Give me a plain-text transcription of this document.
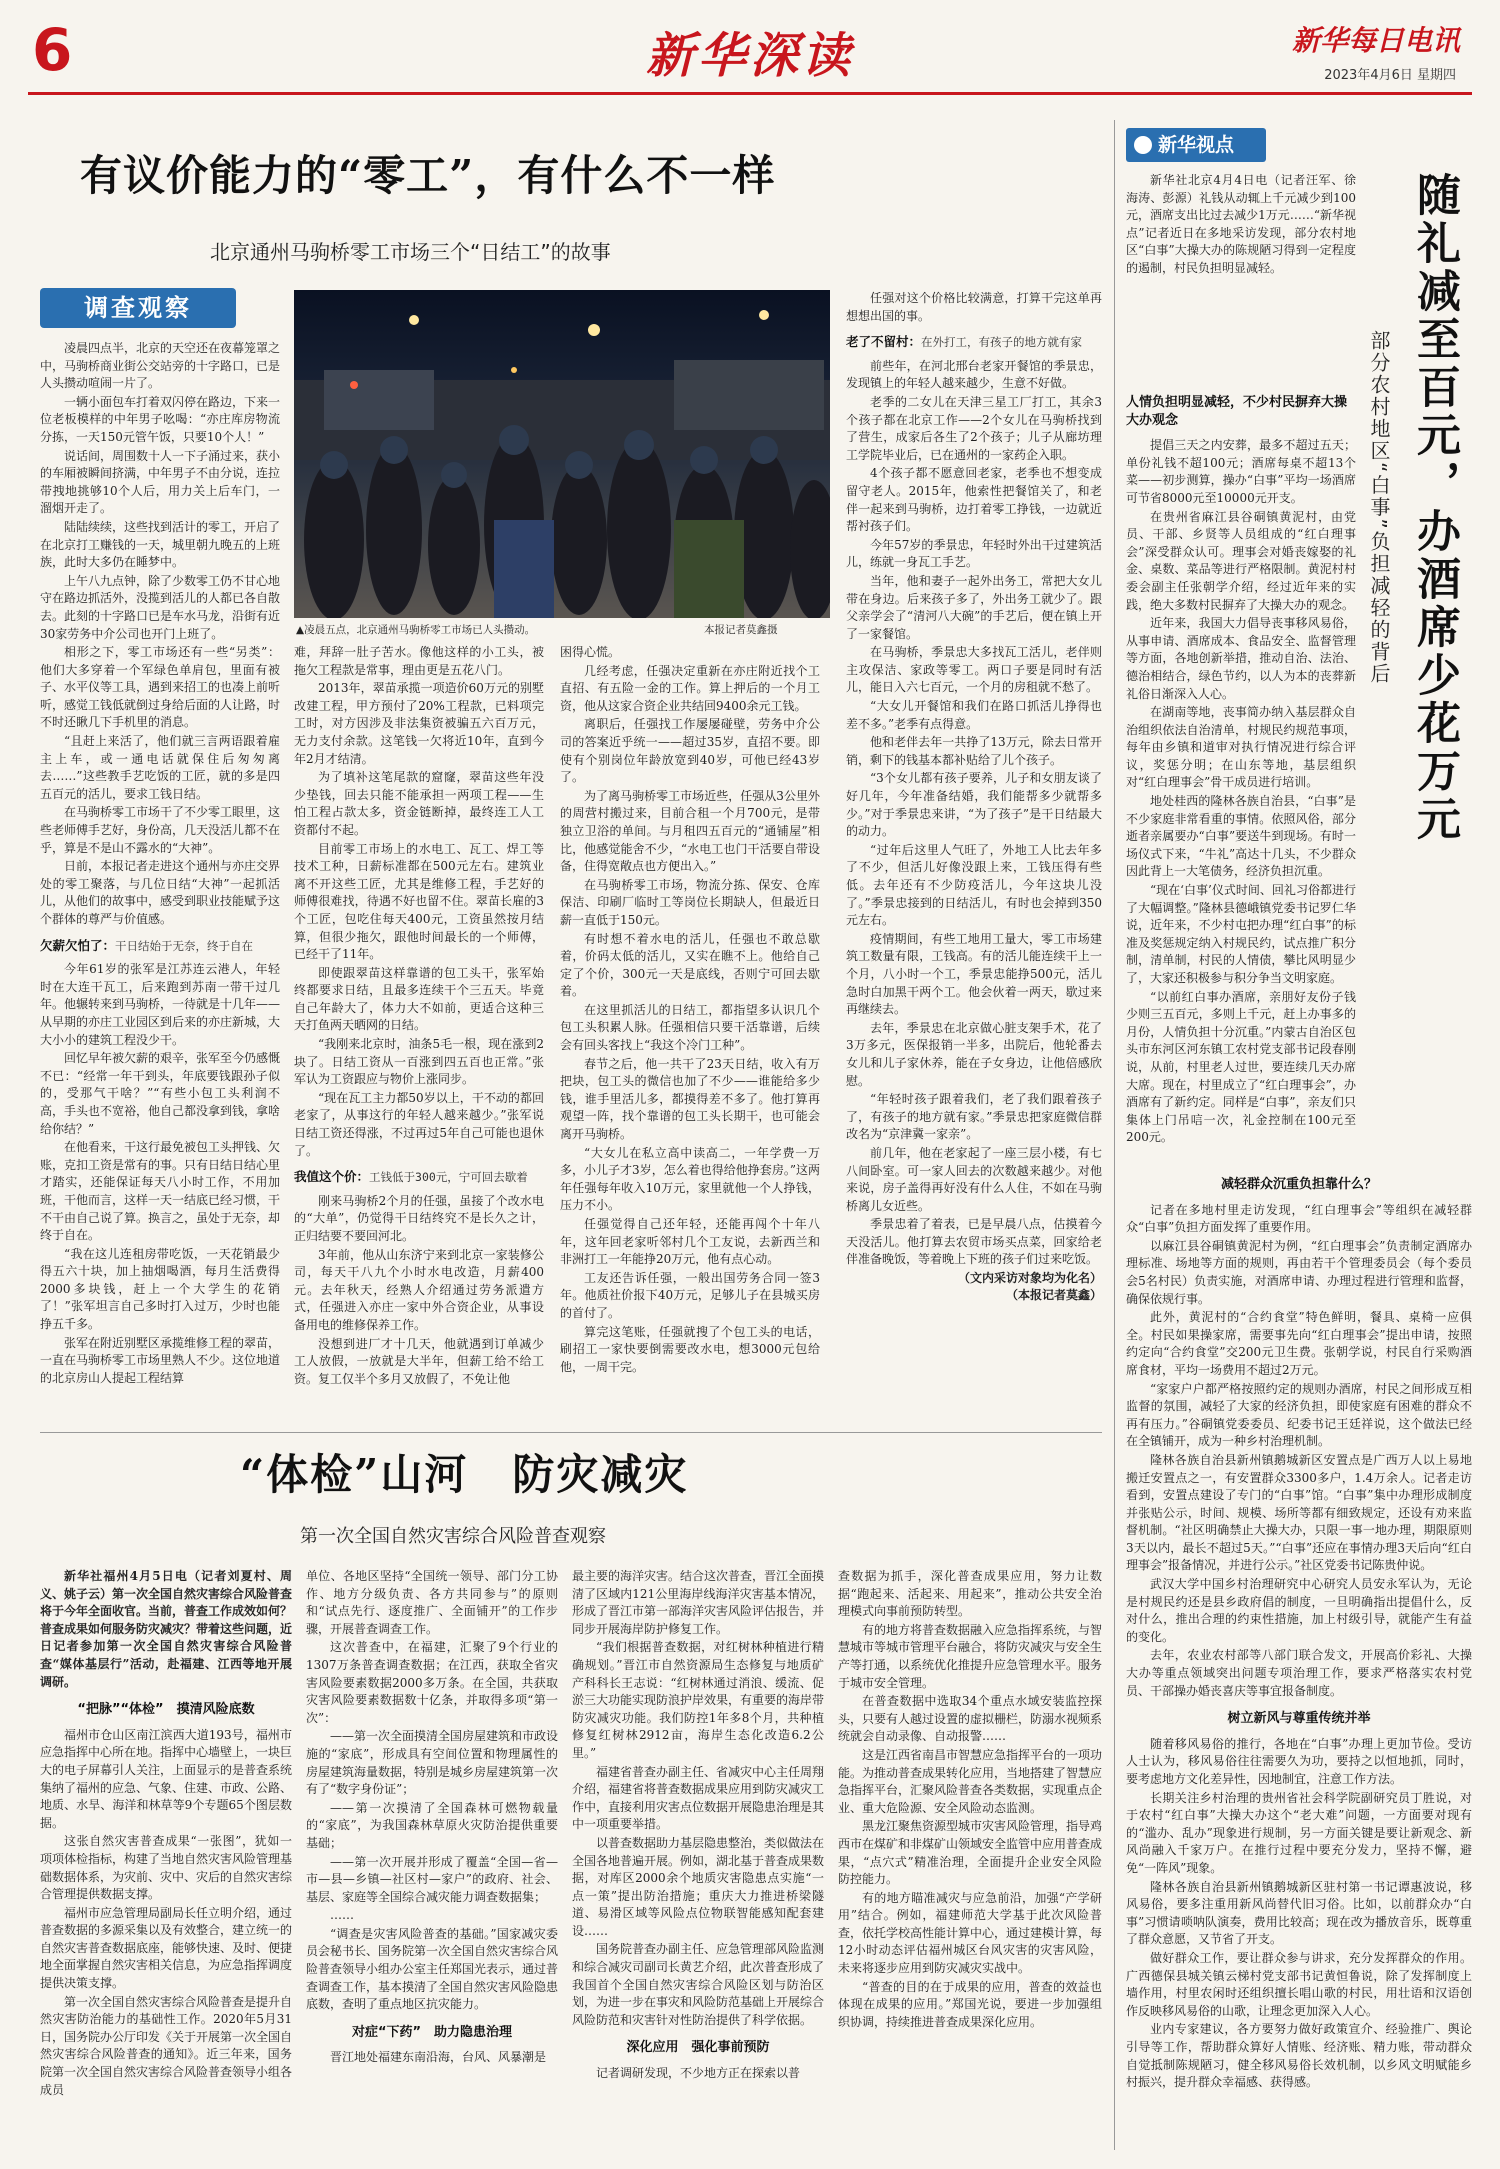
6	新华深读	新华每日电讯
2023年4月6日 星期四
有议价能力的“零工”，有什么不一样
北京通州马驹桥零工市场三个“日结工”的故事
调查观察
▲凌晨五点，北京通州马驹桥零工市场已人头攒动。	本报记者莫鑫摄

凌晨四点半，北京的天空还在夜幕笼罩之中，马驹桥商业街公交站旁的十字路口，已是人头攒动喧闹一片了。

一辆小面包车打着双闪停在路边，下来一位老板模样的中年男子吆喝：“亦庄库房物流分拣，一天150元管午饭，只要10个人！”

说话间，周围数十人一下子涌过来，获小的车厢被瞬间挤满，中年男子不由分说，连拉带拽地挑够10个人后，用力关上后车门，一溜烟开走了。

陆陆续续，这些找到活计的零工，开启了在北京打工赚钱的一天，城里朝九晚五的上班族，此时大多仍在睡梦中。

上午八九点钟，除了少数零工仍不甘心地守在路边抓活外，没揽到活儿的人都已各自散去。此刻的十字路口已是车水马龙，沿街有近30家劳务中介公司也开门上班了。

相形之下，零工市场还有一些“另类”：他们大多穿着一个军绿色单肩包，里面有被子、水平仪等工具，遇到来招工的也凑上前听听，感觉工钱低就倒过身给后面的人让路，时不时还瞅几下手机里的消息。

“且赶上来活了，他们就三言两语跟着雇主上车，或一通电话就保住后匆匆离去……”这些教手艺吃饭的工匠，就的多是四五百元的活儿，要求工钱日结。

在马驹桥零工市场干了不少零工眼里，这些老师傅手艺好，身份高，几天没活儿都不在乎，算是不是山不露水的“大神”。

日前，本报记者走进这个通州与亦庄交界处的零工聚落，与几位日结“大神”一起抓活儿，从他们的故事中，感受到职业技能赋予这个群体的尊严与价值感。

欠薪欠怕了：干日结始于无奈，终于自在

今年61岁的张军是江苏连云港人，年轻时在大连干瓦工，后来跑到苏南一带干过几年。他辗转来到马驹桥，一待就是十几年——从早期的亦庄工业园区到后来的亦庄新城，大大小小的建筑工程没少干。

回忆早年被欠薪的艰辛，张军至今仍感慨不已：“经常一年干到头，年底要钱跟孙子似的，受那气干啥？”“有些小包工头利润不高，手头也不宽裕，他自己都没拿到钱，拿啥给你结？”

在他看来，干这行最免被包工头押钱、欠账，克扣工资是常有的事。只有日结日结心里才踏实，还能保证每天八小时工作，不用加班，干他而言，这样一天一结底已经习惯，干不干由自己说了算。换言之，虽处于无奈，却终于自在。

“我在这儿连租房带吃饭，一天花销最少得五六十块，加上抽烟喝酒，每月生活费得2000多块钱，赶上一个大学生的花销了！”张军坦言自己多时打入过万，少时也能挣五千多。

张军在附近别墅区承揽维修工程的翠苗，一直在马驹桥零工市场里熟人不少。这位地道的北京房山人提起工程结算

难，拜辞一肚子苦水。像他这样的小工头，被拖欠工程款是常事，理由更是五花八门。

2013年，翠苗承揽一项造价60万元的别墅改建工程，甲方预付了20%工程款，已料项完工时，对方因涉及非法集资被骗五六百万元，无力支付余款。这笔钱一欠将近10年，直到今年2月才结清。

为了填补这笔尾款的窟窿，翠苗这些年没少垫钱，回去只能不能承担一两项工程——生怕工程占款太多，资金链断掉，最终连工人工资都付不起。

目前零工市场上的水电工、瓦工、焊工等技术工种，日薪标准都在500元左右。建筑业离不开这些工匠，尤其是维修工程，手艺好的师傅很难找，待遇不好也留不住。翠苗长雇的3个工匠，包吃住每天400元，工资虽然按月结算，但很少拖欠，跟他时间最长的一个师傅，已经干了11年。

即使跟翠苗这样靠谱的包工头干，张军始终都要求日结，且最多连续干个三五天。毕竟自己年龄大了，体力大不如前，更适合这种三天打鱼两天晒网的日结。

“我刚来北京时，油条5毛一根，现在涨到2块了。日结工资从一百涨到四五百也正常。”张军认为工资跟应与物价上涨同步。

“现在瓦工主力都50岁以上，干不动的都回老家了，从事这行的年轻人越来越少。”张军说日结工资还得涨，不过再过5年自己可能也退休了。

我值这个价：工钱低于300元，宁可回去歇着

刚来马驹桥2个月的任强，虽接了个改水电的“大单”，仍觉得干日结终究不是长久之计，正归结要不要回河北。

3年前，他从山东济宁来到北京一家装修公司，每天干八九个小时水电改造，月薪400元。去年秋天，经熟人介绍通过劳务派遣方式，任强进入亦庄一家中外合资企业，从事设备用电的维修保养工作。

没想到进厂才十几天，他就遇到订单减少工人放假，一放就是大半年，但薪工给不给工资。复工仅半个多月又放假了，不免让他

困得心慌。

几经考虑，任强决定重新在亦庄附近找个工直招、有五险一金的工作。算上押后的一个月工资，他从这家合资企业共结回9400余元工钱。

离职后，任强找工作屡屡碰壁，劳务中介公司的答案近乎统一——超过35岁，直招不要。即使有个别岗位年龄放宽到40岁，可他已经43岁了。

为了离马驹桥零工市场近些，任强从3公里外的周营村搬过来，目前合租一个月700元，是带独立卫浴的单间。与月租四五百元的“通铺屋”相比，他感觉能舍不少，“水电工也门干活要自带设备，住得宽敞点也方便出入。”

在马驹桥零工市场，物流分拣、保安、仓库保洁、印刷厂临时工等岗位长期缺人，但最近日薪一直低于150元。

有时想不着水电的活儿，任强也不敢总歇着，价码太低的活儿，又实在瞧不上。他给自己定了个价，300元一天是底线，否则宁可回去歇着。

在这里抓活儿的日结工，都指望多认识几个包工头积累人脉。任强相信只要干活靠谱，后续会有回头客找上“我这个冷门工种”。

春节之后，他一共干了23天日结，收入有万把块，包工头的微信也加了不少——谁能给多少钱，谁手里活儿多，都摸得差不多了。他打算再观望一阵，找个靠谱的包工头长期干，也可能会离开马驹桥。

“大女儿在私立高中读高二，一年学费一万多，小儿子才3岁，怎么着也得给他挣套房。”这两年任强每年收入10万元，家里就他一个人挣钱，压力不小。

任强觉得自己还年轻，还能再闯个十年八年，这年回老家听邻村几个工友说，去新西兰和非洲打工一年能挣20万元，他有点心动。

工友还告诉任强，一般出国劳务合同一签3年。他质社价报下40万元，足够儿子在县城买房的首付了。

算完这笔账，任强就搜了个包工头的电话，刷招工一家快要倒需要改水电，想3000元包给他，一周干完。

任强对这个价格比较满意，打算干完这单再想想出国的事。

老了不留村：在外打工，有孩子的地方就有家

前些年，在河北邢台老家开餐馆的季景忠，发现镇上的年轻人越来越少，生意不好做。

老季的二女儿在天津三星工厂打工，其余3个孩子都在北京工作——2个女儿在马驹桥找到了营生，成家后各生了2个孩子；儿子从廊坊理工学院毕业后，已在通州的一家药企入职。

4个孩子都不愿意回老家，老季也不想变成留守老人。2015年，他索性把餐馆关了，和老伴一起来到马驹桥，边打着零工挣钱，一边就近帮衬孩子们。

今年57岁的季景忠，年轻时外出干过建筑活儿，练就一身瓦工手艺。

当年，他和妻子一起外出务工，常把大女儿带在身边。后来孩子多了，外出务工就少了。跟父亲学会了“清河八大碗”的手艺后，便在镇上开了一家餐馆。

在马驹桥，季景忠大多找瓦工活儿，老伴则主攻保洁、家政等零工。两口子要是同时有活儿，能日入六七百元，一个月的房租就不愁了。

“大女儿开餐馆和我们在路口抓活儿挣得也差不多。”老季有点得意。

他和老伴去年一共挣了13万元，除去日常开销，剩下的钱基本都补贴给了儿个孩子。

“3个女儿都有孩子要养，儿子和女朋友谈了好几年，今年准备结婚，我们能帮多少就帮多少。”对于季景忠来讲，“为了孩子”是干日结最大的动力。

“过年后这里人气旺了，外地工人比去年多了不少，但活儿好像没跟上来，工钱压得有些低。去年还有不少防疫活儿，今年这块儿没了。”季景忠接到的日结活儿，有时也会掉到350元左右。

疫情期间，有些工地用工量大，零工市场建筑工数量有限，工钱高。有的活儿能连续干上一个月，八小时一个工，季景忠能挣500元，活儿急时白加黑干两个工。他会伙着一两天，歇过来再继续去。

去年，季景忠在北京做心脏支架手术，花了3万多元，医保报销一半多，出院后，他轮番去女儿和儿子家休养，能在子女身边，让他倍感欣慰。

“年轻时孩子跟着我们，老了我们跟着孩子了，有孩子的地方就有家。”季景忠把家庭微信群改名为“京津冀一家亲”。

前几年，他在老家起了一座三层小楼，有七八间卧室。可一家人回去的次数越来越少。对他来说，房子盖得再好没有什么人住，不如在马驹桥离儿女近些。

季景忠着了着表，已是早晨八点，估摸着今天没活儿。他打算去农贸市场买点菜，回家给老伴准备晚饭，等着晚上下班的孩子们过来吃饭。

（文内采访对象均为化名）
（本报记者莫鑫）
“体检”山河　防灾减灾
第一次全国自然灾害综合风险普查观察

新华社福州4月5日电（记者刘夏村、周义、姚子云）第一次全国自然灾害综合风险普查将于今年全面收官。当前，普查工作成效如何？普查成果如何服务防灾减灾？带着这些问题，近日记者参加第一次全国自然灾害综合风险普查“媒体基层行”活动，赴福建、江西等地开展调研。

“把脉”“体检”　摸清风险底数

福州市仓山区南江滨西大道193号，福州市应急指挥中心所在地。指挥中心墙壁上，一块巨大的电子屏幕引人关注，上面显示的是普查系统集纳了福州的应急、气象、住建、市政、公路、地质、水旱、海洋和林草等9个专题65个图层数据。

这张自然灾害普查成果“一张图”，犹如一项项体检指标，构建了当地自然灾害风险管理基础数据体系，为灾前、灾中、灾后的自然灾害综合管理提供数据支撑。

福州市应急管理局副局长任立明介绍，通过普查数据的多源采集以及有效整合，建立统一的自然灾害普查数据底座，能够快速、及时、便捷地全面掌握自然灾害相关信息，为应急指挥调度提供决策支撑。

第一次全国自然灾害综合风险普查是提升自然灾害防治能力的基础性工作。2020年5月31日，国务院办公厅印发《关于开展第一次全国自然灾害综合风险普查的通知》。近三年来，国务院第一次全国自然灾害综合风险普查领导小组各成员

单位、各地区坚持“全国统一领导、部门分工协作、地方分级负责、各方共同参与”的原则和“试点先行、逐度推广、全面铺开”的工作步骤，开展普查调查工作。

这次普查中，在福建，汇聚了9个行业的1307万条普查调查数据；在江西，获取全省灾害风险要素数据2000多万条。在全国，共获取灾害风险要素数据数十亿条，并取得多项“第一次”：

——第一次全面摸清全国房屋建筑和市政设施的“家底”，形成具有空间位置和物理属性的房屋建筑海量数据，特别是城乡房屋建筑第一次有了“数字身份证”；

——第一次摸清了全国森林可燃物载量的“家底”，为我国森林草原火灾防治提供重要基础；

——第一次开展并形成了覆盖“全国—省—市—县—乡镇—社区村—家户”的政府、社会、基层、家庭等全国综合减灾能力调查数据集；

……

“调查是灾害风险普查的基础。”国家减灾委员会秘书长、国务院第一次全国自然灾害综合风险普查领导小组办公室主任郑国光表示，通过普查调查工作，基本摸清了全国自然灾害风险隐患底数，查明了重点地区抗灾能力。

对症“下药”　助力隐患治理

晋江地处福建东南沿海，台风、风暴潮是

最主要的海洋灾害。结合这次普查，晋江全面摸清了区域内121公里海岸线海洋灾害基本情况，形成了晋江市第一部海洋灾害风险评估报告，并同步开展海岸防护修复工作。

“我们根据普查数据，对红树林种植进行精确规划。”晋江市自然资源局生态修复与地质矿产科科长王志说：“红树林通过消浪、缓流、促淤三大功能实现防浪护岸效果，有重要的海岸带防灾减灾功能。我们防控1年多8个月，共种植修复红树林2912亩，海岸生态化改造6.2公里。”

福建省普查办副主任、省减灾中心主任周翔介绍，福建省将普查数据成果应用到防灾减灾工作中，直接利用灾害点位数据开展隐患治理是其中一项重要举措。

以普查数据助力基层隐患整治，类似做法在全国各地普遍开展。例如，湖北基于普查成果数据，对库区2000余个地质灾害隐患点实施“一点一策”提出防治措施；重庆大力推进桥梁隧道、易滑区域等风险点位物联智能感知配套建设……

国务院普查办副主任、应急管理部风险监测和综合减灾司副司长黄艺介绍，此次普查形成了我国首个全国自然灾害综合风险区划与防治区划，为进一步在事灾和风险防范基础上开展综合风险防范和灾害针对性防治提供了科学依据。

深化应用　强化事前预防

记者调研发现，不少地方正在探索以普

查数据为抓手，深化普查成果应用，努力让数据“跑起来、活起来、用起来”，推动公共安全治理模式向事前预防转型。

有的地方将普查数据融入应急指挥系统，与智慧城市等城市管理平台融合，将防灾减灾与安全生产等打通，以系统优化推提升应急管理水平。服务于城市安全管理。

在普查数据中选取34个重点水域安装监控探头，只要有人越过设置的虚拟栅栏，防溺水视频系统就会自动录像、自动报警……

这是江西省南昌市智慧应急指挥平台的一项功能。为推动普查成果转化应用，当地搭建了智慧应急指挥平台，汇聚风险普查各类数据，实现重点企业、重大危险源、安全风险动态监测。

黑龙江聚焦资源型城市灾害风险管理，指导鸡西市在煤矿和非煤矿山领域安全监管中应用普查成果，“点穴式”精准治理，全面提升企业安全风险防控能力。

有的地方瞄准减灾与应急前沿，加强“产学研用”结合。例如，福建师范大学基于此次风险普查，依托学校高性能计算中心，通过建模计算，每12小时动态评估福州城区台风灾害的灾害风险，未来将逐步应用到防灾减灾实战中。

“普查的目的在于成果的应用，普查的效益也体现在成果的应用。”郑国光说，要进一步加强组织协调，持续推进普查成果深化应用。

新华视点

新华社北京4月4日电（记者汪军、徐海涛、彭源）礼钱从动辄上千元减少到100元，酒席支出比过去减少1万元……“新华视点”记者近日在多地采访发现，部分农村地区“白事”大操大办的陈规陋习得到一定程度的遏制，村民负担明显减轻。	随礼减至百元，办酒席少花万元
部分农村地区“白事”负担减轻的背后
人情负担明显减轻，不少村民摒弃大操大办观念

提倡三天之内安葬，最多不超过五天；单份礼钱不超100元；酒席每桌不超13个菜——初步测算，操办“白事”平均一场酒席可节省8000元至10000元开支。

在贵州省麻江县谷硐镇黄泥村，由党员、干部、乡贤等人员组成的“红白理事会”深受群众认可。理事会对婚丧嫁娶的礼金、桌数、菜品等进行严格限制。黄泥村村委会副主任张朝学介绍，经过近年来的实践，绝大多数村民摒弃了大操大办的观念。

近年来，我国大力倡导丧事移风易俗，从事申请、酒席成本、食品安全、监督管理等方面，各地创新举措，推动自治、法治、德治相结合，绿色节约，以人为本的丧葬新礼俗日渐深入人心。

在湖南等地，丧事简办纳入基层群众自治组织依法自治清单，村规民约规范事项，每年由乡镇和道审对执行情况进行综合评议，奖惩分明；在山东等地，基层组织对“红白理事会”骨干成员进行培训。

地处桂西的隆林各族自治县，“白事”是不少家庭非常看重的事情。依照风俗，部分逝者亲属要办“白事”要送牛到现场。有时一场仪式下来，“牛礼”高达十几头，不少群众因此背上一大笔债务，经济负担沉重。

“现在‘白事’仪式时间、回礼习俗都进行了大幅调整。”隆林县德峨镇党委书记罗仁华说，近年来，不少村屯把办理“红白事”的标准及奖惩规定纳入村规民约，试点推广积分制，清单制，村民的人情债，攀比风明显少了，大家还积极参与积分争当文明家庭。

“以前红白事办酒席，亲朋好友份子钱少则三五百元，多则上千元，赶上办事多的月份，人情负担十分沉重。”内蒙古自治区包头市东河区河东镇工农村党支部书记段春刚说，从前，村里老人过世，要连续几天办席大席。现在，村里成立了“红白理事会”，办酒席有了新约定。同样是“白事”，亲友们只集体上门吊唁一次，礼金控制在100元至200元。

减轻群众沉重负担靠什么？

记者在多地村里走访发现，“红白理事会”等组织在减轻群众“白事”负担方面发挥了重要作用。

以麻江县谷硐镇黄泥村为例，“红白理事会”负责制定酒席办理标准、场地等方面的规则，再由若干个管理委员会（每个委员会5名村民）负责实施，对酒席申请、办理过程进行管理和监督，确保依规行事。

此外，黄泥村的“合约食堂”特色鲜明，餐具、桌椅一应俱全。村民如果操家席，需要事先向“红白理事会”提出申请，按照约定向“合约食堂”交200元卫生费。张朝学说，村民自行采购酒席食材，平均一场费用不超过2万元。

“家家户户都严格按照约定的规则办酒席，村民之间形成互相监督的氛围，减轻了大家的经济负担，即使家庭有困难的群众不再有压力。”谷硐镇党委委员、纪委书记王廷祥说，这个做法已经在全镇铺开，成为一种乡村治理机制。

隆林各族自治县新州镇鹅城新区安置点是广西万人以上易地搬迁安置点之一，有安置群众3300多户，1.4万余人。记者走访看到，安置点建设了专门的“白事”馆。“白事”集中办理形成制度并张贴公示，时间、规模、场所等都有细致规定，还设有劝来监督机制。“社区明确禁止大操大办，只限一事一地办理，期限原则3天以内，最长不超过5天。”“白事”还应在事情办理3天后向“红白理事会”报备情况，并进行公示。”社区党委书记陈贵仲说。

武汉大学中国乡村治理研究中心研究人员安永军认为，无论是村规民约还是县乡政府倡的制度，一旦明确指出提倡什么，反对什么，推出合理的约束性措施，加上村级引导，就能产生有益的变化。

去年，农业农村部等八部门联合发文，开展高价彩礼、大操大办等重点领域突出问题专项治理工作，要求严格落实农村党员、干部操办婚丧喜庆等事宜报备制度。

树立新风与尊重传统并举

随着移风易俗的推行，各地在“白事”办理上更加节俭。受访人士认为，移风易俗往往需要久为功，要持之以恒地抓，同时，要考虑地方文化差异性，因地制宜，注意工作方法。

长期关注乡村治理的贵州省社会科学院副研究员丁胜说，对于农村“红白事”大操大办这个“老大难”问题，一方面要对现有的“滥办、乱办”现象进行规制，另一方面关键是要让新观念、新风尚融入千家万户。在推行过程中要充分发力，坚持不懈，避免“一阵风”现象。

隆林各族自治县新州镇鹅城新区驻村第一书记谭惠波说，移风易俗，要多注重用新风尚替代旧习俗。比如，以前群众办“白事”习惯请唢呐队演奏，费用比较高；现在改为播放音乐，既尊重了群众意愿，又节省了开支。

做好群众工作，要让群众参与讲求，充分发挥群众的作用。广西德保县城关镇云梯村党支部书记黄恒鲁说，除了发挥制度上墙作用，村里农闲时还组织擅长唱山歌的村民，用壮语和汉语创作反映移风易俗的山歌，让理念更加深入人心。

业内专家建议，各方要努力做好政策宣介、经验推广、舆论引导等工作，帮助群众算好人情账、经济账、精力账，带动群众自觉抵制陈规陋习，健全移风易俗长效机制，以乡风文明赋能乡村振兴，提升群众幸福感、获得感。
